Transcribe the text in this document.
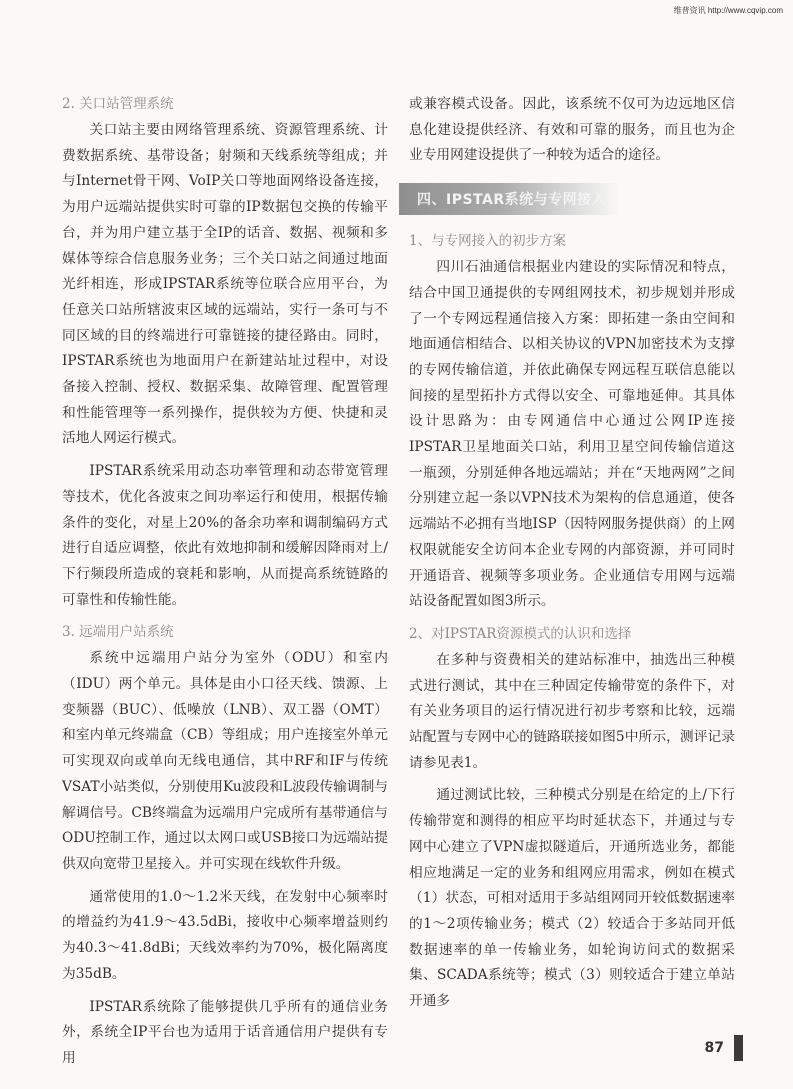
维普资讯 http://www.cqvip.com

2. 关口站管理系统

关口站主要由网络管理系统、资源管理系统、计费数据系统、基带设备；射频和天线系统等组成；并与Internet骨干网、VoIP关口等地面网络设备连接，为用户远端站提供实时可靠的IP数据包交换的传输平台，并为用户建立基于全IP的话音、数据、视频和多媒体等综合信息服务业务；三个关口站之间通过地面光纤相连，形成IPSTAR系统等位联合应用平台，为任意关口站所辖波束区域的远端站，实行一条可与不同区域的目的终端进行可靠链接的捷径路由。同时，IPSTAR系统也为地面用户在新建站址过程中，对设备接入控制、授权、数据采集、故障管理、配置管理和性能管理等一系列操作，提供较为方便、快捷和灵活地人网运行模式。

IPSTAR系统采用动态功率管理和动态带宽管理等技术，优化各波束之间功率运行和使用，根据传输条件的变化，对星上20%的备余功率和调制编码方式进行自适应调整，依此有效地抑制和缓解因降雨对上/下行频段所造成的衰耗和影响，从而提高系统链路的可靠性和传输性能。

3. 远端用户站系统

系统中远端用户站分为室外（ODU）和室内（IDU）两个单元。具体是由小口径天线、馈源、上变频器（BUC）、低噪放（LNB）、双工器（OMT）和室内单元终端盒（CB）等组成；用户连接室外单元可实现双向或单向无线电通信，其中RF和IF与传统VSAT小站类似，分别使用Ku波段和L波段传输调制与解调信号。CB终端盒为远端用户完成所有基带通信与ODU控制工作，通过以太网口或USB接口为远端站提供双向宽带卫星接入。并可实现在线软件升级。

通常使用的1.0～1.2米天线，在发射中心频率时的增益约为41.9～43.5dBi，接收中心频率增益则约为40.3～41.8dBi；天线效率约为70%，极化隔离度为35dB。

IPSTAR系统除了能够提供几乎所有的通信业务外，系统全IP平台也为适用于话音通信用户提供有专用

或兼容模式设备。因此，该系统不仅可为边远地区信息化建设提供经济、有效和可靠的服务，而且也为企业专用网建设提供了一种较为适合的途径。

四、IPSTAR系统与专网接入

1、与专网接入的初步方案

四川石油通信根据业内建设的实际情况和特点，结合中国卫通提供的专网组网技术，初步规划并形成了一个专网远程通信接入方案：即拓建一条由空间和地面通信相结合、以相关协议的VPN加密技术为支撑的专网传输信道，并依此确保专网远程互联信息能以间接的星型拓扑方式得以安全、可靠地延伸。其具体设计思路为：由专网通信中心通过公网IP连接IPSTAR卫星地面关口站，利用卫星空间传输信道这一瓶颈，分别延伸各地远端站；并在“天地两网”之间分别建立起一条以VPN技术为架构的信息通道，使各远端站不必拥有当地ISP（因特网服务提供商）的上网权限就能安全访问本企业专网的内部资源，并可同时开通语音、视频等多项业务。企业通信专用网与远端站设备配置如图3所示。

2、对IPSTAR资源模式的认识和选择

在多种与资费相关的建站标准中，抽选出三种模式进行测试，其中在三种固定传输带宽的条件下，对有关业务项目的运行情况进行初步考察和比较，远端站配置与专网中心的链路联接如图5中所示，测评记录请参见表1。

通过测试比较，三种模式分别是在给定的上/下行传输带宽和测得的相应平均时延状态下，并通过与专网中心建立了VPN虚拟隧道后，开通所选业务，都能相应地满足一定的业务和组网应用需求，例如在模式（1）状态，可相对适用于多站组网同开较低数据速率的1～2项传输业务；模式（2）较适合于多站同开低数据速率的单一传输业务，如轮询访问式的数据采集、SCADA系统等；模式（3）则较适合于建立单站开通多

87
